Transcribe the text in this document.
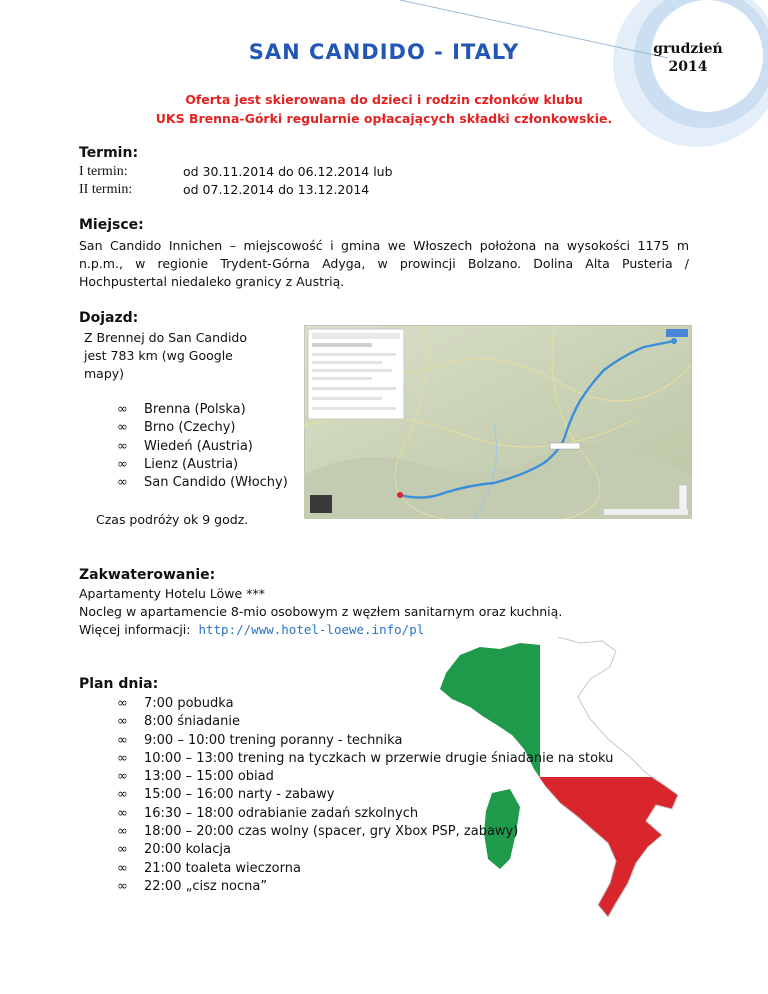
grudzień
2014
SAN CANDIDO - ITALY
Oferta jest skierowana do dzieci i rodzin członków klubu
UKS Brenna-Górki regularnie opłacających składki członkowskie.
Termin:
I termin:	od 30.11.2014 do 06.12.2014 lub
II termin:	od 07.12.2014 do 13.12.2014
Miejsce:
San Candido Innichen – miejscowość i gmina we Włoszech położona na wysokości 1175 m
n.p.m., w regionie Trydent-Górna Adyga, w prowincji Bolzano. Dolina Alta Pusteria /
Hochpustertal niedaleko granicy z Austrią.
Dojazd:
Z Brennej do San Candido
jest 783 km (wg Google
mapy)
∞ Brenna (Polska)
∞ Brno (Czechy)
∞ Wiedeń (Austria)
∞ Lienz (Austria)
∞ San Candido (Włochy)
Czas podróży ok 9 godz.
Zakwaterowanie:
Apartamenty Hotelu Löwe ***
Nocleg w apartamencie 8-mio osobowym z węzłem sanitarnym oraz kuchnią.
Więcej informacji: http://www.hotel-loewe.info/pl
Plan dnia:
∞ 7:00 pobudka
∞ 8:00 śniadanie
∞ 9:00 – 10:00 trening poranny - technika
∞ 10:00 – 13:00 trening na tyczkach w przerwie drugie śniadanie na stoku
∞ 13:00 – 15:00 obiad
∞ 15:00 – 16:00 narty - zabawy
∞ 16:30 – 18:00 odrabianie zadań szkolnych
∞ 18:00 – 20:00 czas wolny (spacer, gry Xbox PSP, zabawy)
∞ 20:00 kolacja
∞ 21:00 toaleta wieczorna
∞ 22:00 „cisz nocna”
